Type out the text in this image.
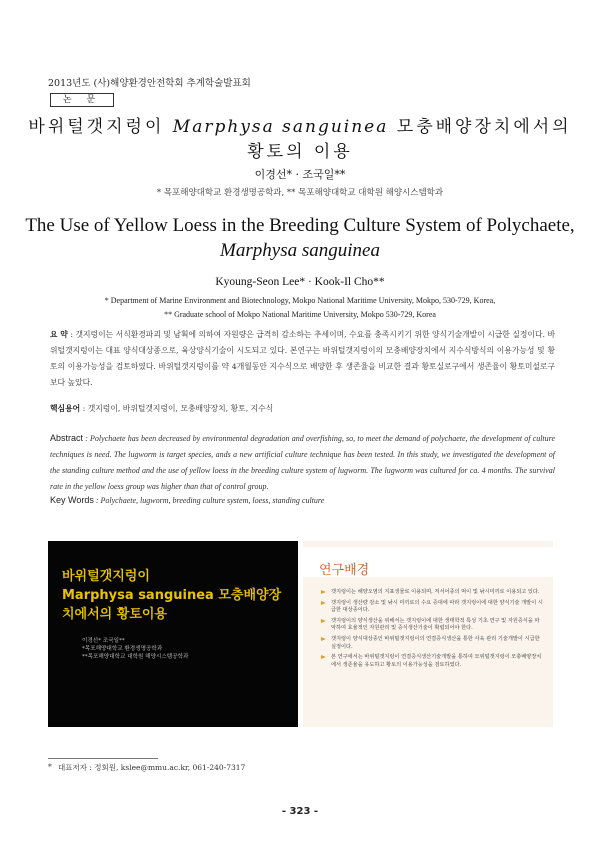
2013년도 (사)해양환경안전학회 추계학술발표회
논 문
바위털갯지렁이 Marphysa sanguinea 모충배양장치에서의
황토의 이용
이경선* · 조국일**
* 목포해양대학교 환경생명공학과, ** 목포해양대학교 대학원 해양시스템학과
The Use of Yellow Loess in the Breeding Culture System of Polychaete,
Marphysa sanguinea
Kyoung-Seon Lee* · Kook-Il Cho**
* Department of Marine Environment and Biotechnology, Mokpo National Maritime University, Mokpo, 530-729, Korea,
** Graduate school of Mokpo National Maritime University, Mokpo 530-729, Korea
요 약 : 갯지렁이는 서식환경파괴 및 남획에 의하여 자원량은 급격히 감소하는 추세이며, 수요를 충족시키기 위한 양식기술개발이 시급한 실정이다. 바위털갯지렁이는 대표 양식대상종으로, 육상양식기술이 시도되고 있다. 본연구는 바위털갯지렁이의 모충배양장치에서 지수식방식의 이용가능성 및 황토의 이용가능성을 검토하였다. 바위털갯지렁이를 약 4개월동안 지수식으로 배양한 후 생존율을 비교한 결과 황토실로구에서 생존율이 황토미설로구보다 높았다.
핵심용어 : 갯지렁이, 바위털갯지렁이, 모충배양장치, 황토, 지수식
Abstract : Polychaete has been decreased by environmental degradation and overfishing, so, to meet the demand of polychaete, the development of culture techniques is need. The lugworm is target species, ands a new artificial culture technique has been tested. In this study, we investigated the development of the standing culture method and the use of yellow loess in the breeding culture system of lugworm. The lugworm was cultured for ca. 4 months. The survival rate in the yellow loess group was higher than that of control group.
Key Words : Polychaete, lugworm, breeding culture system, loess, standing culture
바위털갯지렁이
Marphysa sanguinea 모충배양장
치에서의 황토이용
이경선* 조국일**
*목포해양대학교 환경생명공학과
**목포해양대학교 대학원 해양시스템공학과
연구배경
갯지렁이는 해양오염의 지표생물로 이용되며, 저서어종의 먹이 및 낚시미끼로 이용되고 있다.
갯지렁이 생산량 감소 및 낚시 미끼로의 수요 증대에 따라 갯지렁이에 대한 양식기술 개발이 시급한 대상종이다.
갯지렁이의 양식생산을 위해서는 갯지렁이에 대한 생태학적 특성 기초 연구 및 자원증식을 파악하여 효율적인 자원관리 및 증식생산기술이 확립되어야 한다.
갯지렁이 양식대상종인 바위털갯지렁이의 연결증식생산을 통한 사육 관리 기술개발이 시급한 실정이다.
본 연구에서는 바위털갯지렁이 연결증식생산기술개발을 통하여 모위털갯지렁이 모충배양장치에서 생존율을 유도하고 황토의 이용가능성을 검토하였다.
* 대표저자 : 정회원, kslee@mmu.ac.kr, 061-240-7317
- 323 -
